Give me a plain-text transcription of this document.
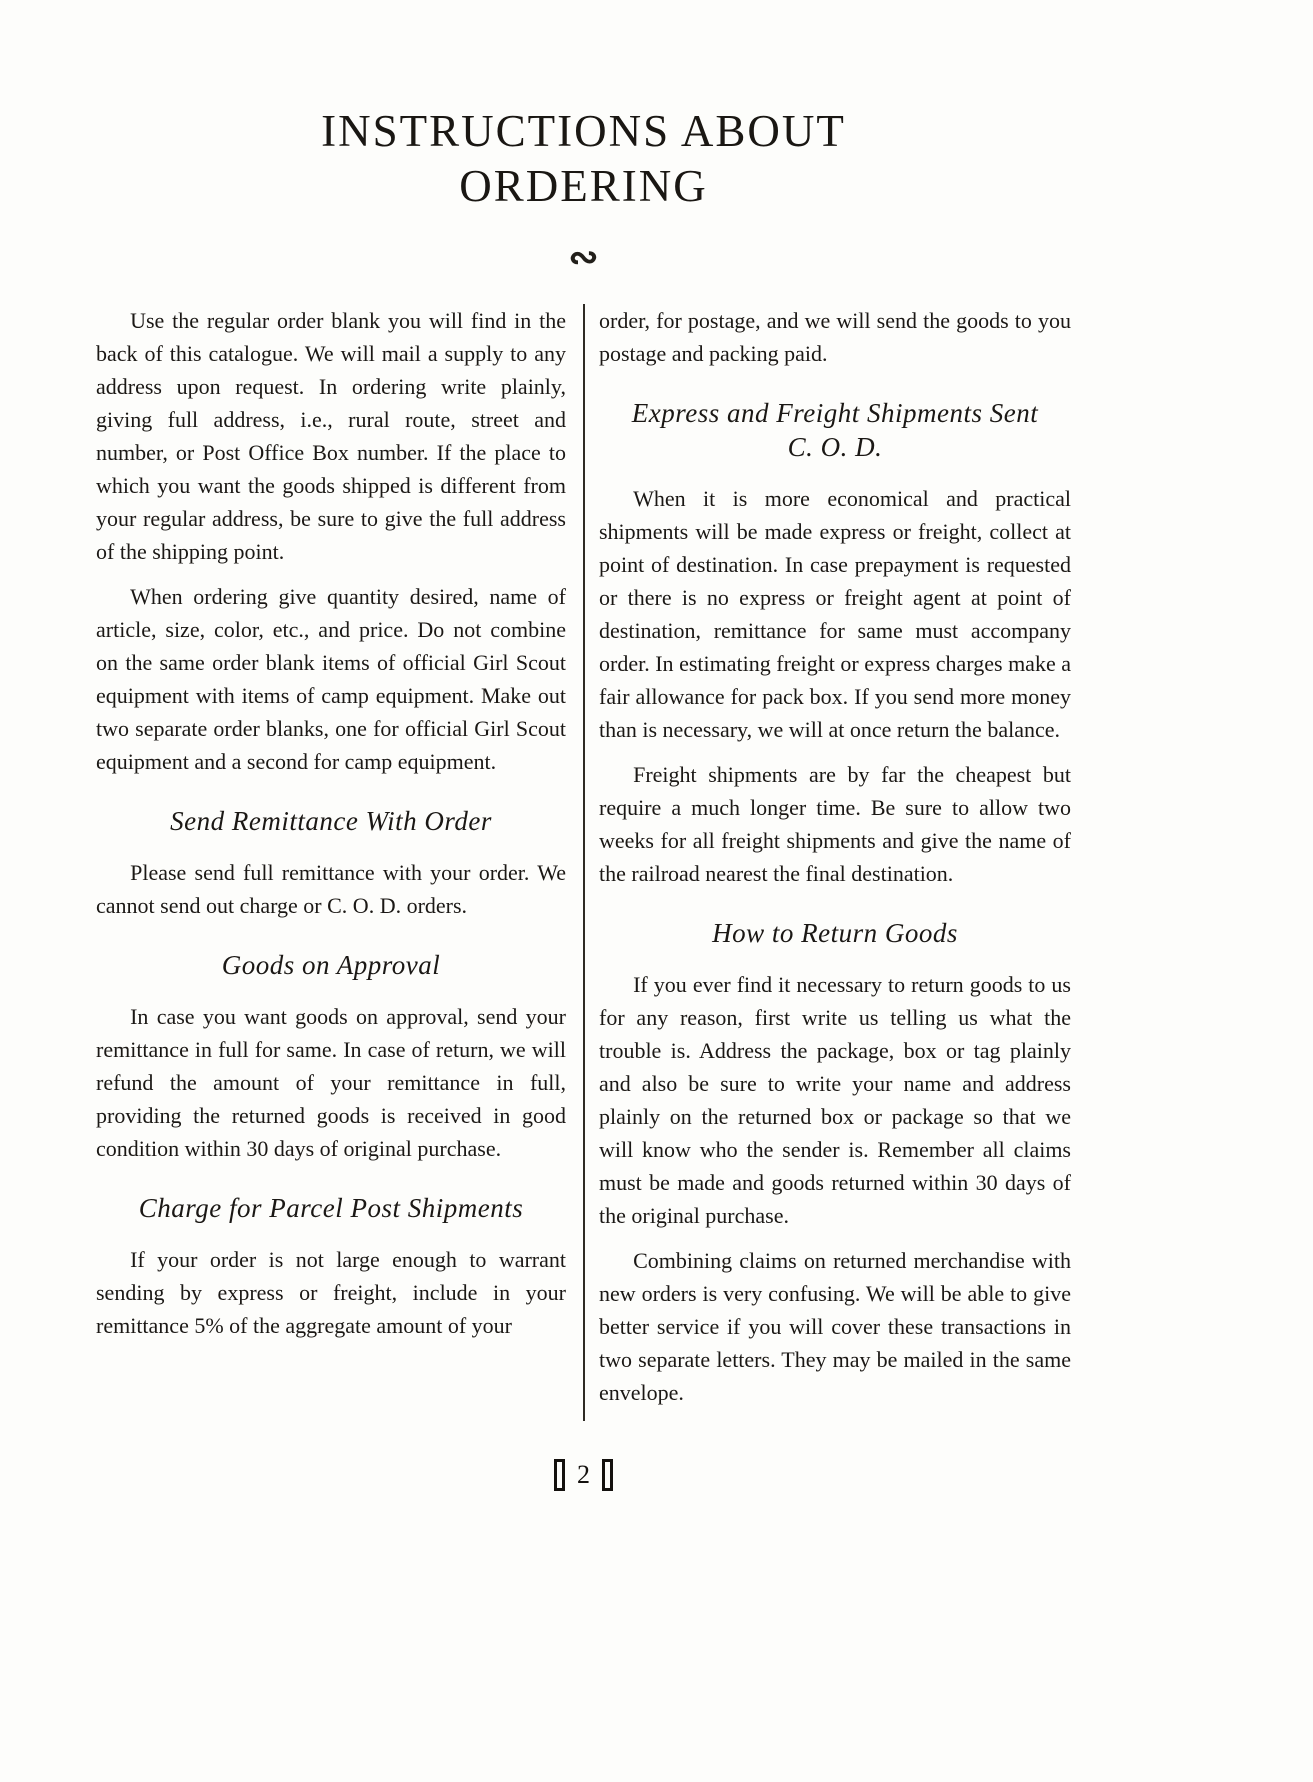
INSTRUCTIONS ABOUT
ORDERING
∾

Use the regular order blank you will find in the back of this catalogue. We will mail a supply to any address upon request. In ordering write plainly, giving full address, i.e., rural route, street and number, or Post Office Box number. If the place to which you want the goods shipped is different from your regular address, be sure to give the full address of the shipping point.

When ordering give quantity desired, name of article, size, color, etc., and price. Do not combine on the same order blank items of official Girl Scout equipment with items of camp equipment. Make out two separate order blanks, one for official Girl Scout equipment and a second for camp equipment.

Send Remittance With Order

Please send full remittance with your order. We cannot send out charge or C. O. D. orders.

Goods on Approval

In case you want goods on approval, send your remittance in full for same. In case of return, we will refund the amount of your remittance in full, providing the returned goods is received in good condition within 30 days of original purchase.

Charge for Parcel Post Shipments

If your order is not large enough to warrant sending by express or freight, include in your remittance 5% of the aggregate amount of your

order, for postage, and we will send the goods to you postage and packing paid.

Express and Freight Shipments Sent
C. O. D.

When it is more economical and practical shipments will be made express or freight, collect at point of destination. In case prepayment is requested or there is no express or freight agent at point of destination, remittance for same must accompany order. In estimating freight or express charges make a fair allowance for pack box. If you send more money than is necessary, we will at once return the balance.

Freight shipments are by far the cheapest but require a much longer time. Be sure to allow two weeks for all freight shipments and give the name of the railroad nearest the final destination.

How to Return Goods

If you ever find it necessary to return goods to us for any reason, first write us telling us what the trouble is. Address the package, box or tag plainly and also be sure to write your name and address plainly on the returned box or package so that we will know who the sender is. Remember all claims must be made and goods returned within 30 days of the original purchase.

Combining claims on returned merchandise with new orders is very confusing. We will be able to give better service if you will cover these transactions in two separate letters. They may be mailed in the same envelope.

2
